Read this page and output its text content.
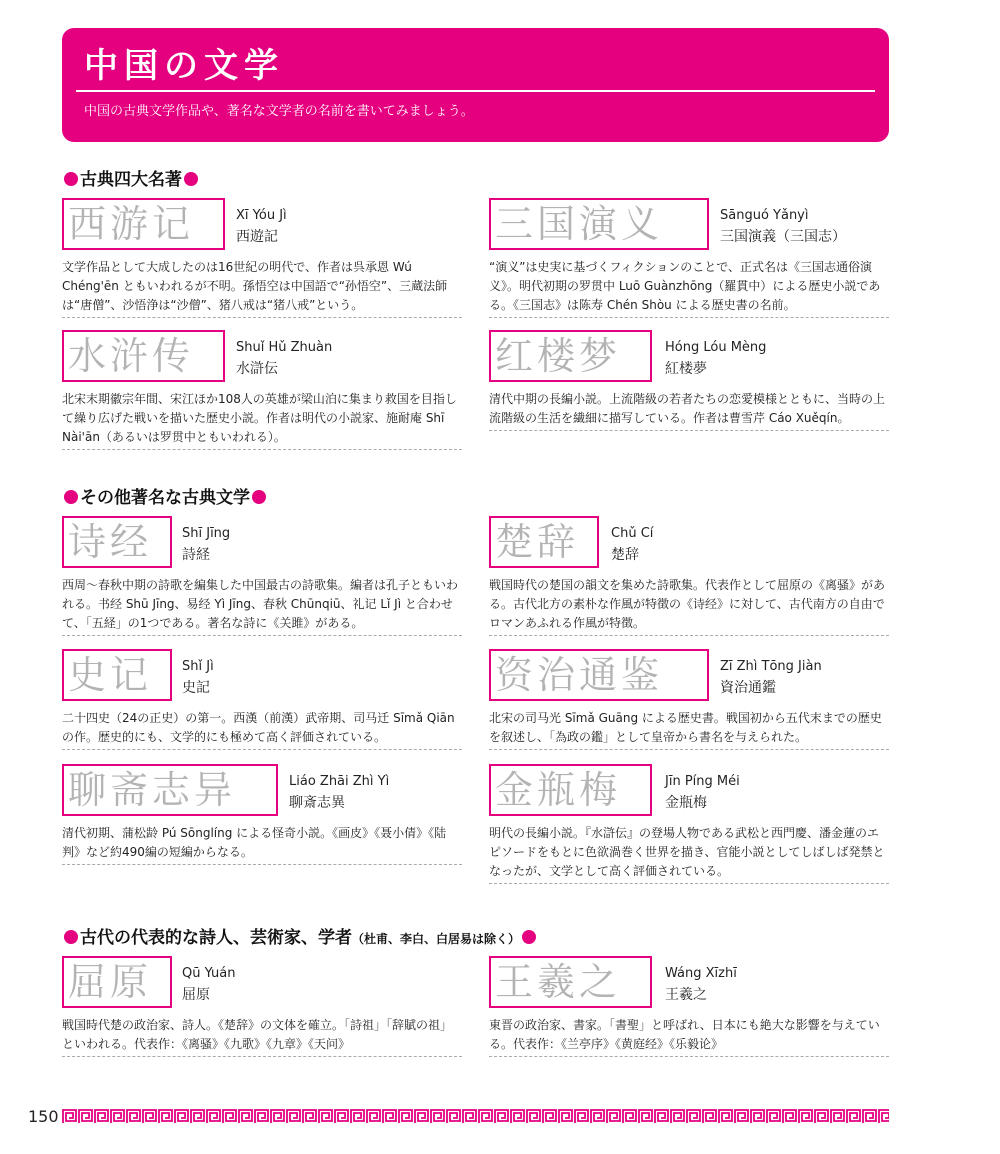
中国の文学
中国の古典文学作品や、著名な文学者の名前を書いてみましょう。
古典四大名著
西游记	Xī Yóu Jì
西遊記
文学作品として大成したのは16世紀の明代で、作者は呉承恩 Wú Chéng'ēn ともいわれるが不明。孫悟空は中国語で“孙悟空”、三蔵法師は“唐僧”、沙悟浄は“沙僧”、猪八戒は“猪八戒”という。
三国演义	Sānguó Yǎnyì
三国演義（三国志）
“演义”は史実に基づくフィクションのことで、正式名は《三国志通俗演义》。明代初期の罗贯中 Luō Guànzhōng（羅貫中）による歴史小説である。《三国志》は陈寿 Chén Shòu による歴史書の名前。
水浒传	Shuǐ Hǔ Zhuàn
水滸伝
北宋末期徽宗年間、宋江ほか108人の英雄が梁山泊に集まり救国を目指して繰り広げた戦いを描いた歴史小説。作者は明代の小説家、施耐庵 Shī Nài'ān（あるいは罗贯中ともいわれる）。
红楼梦	Hóng Lóu Mèng
紅楼夢
清代中期の長編小説。上流階級の若者たちの恋愛模様とともに、当時の上流階級の生活を繊細に描写している。作者は曹雪芹 Cáo Xuěqín。
その他著名な古典文学
诗经	Shī Jīng
詩経
西周〜春秋中期の詩歌を編集した中国最古の詩歌集。編者は孔子ともいわれる。书经 Shū Jīng、易经 Yì Jīng、春秋 Chūnqiū、礼记 Lǐ Jì と合わせて、「五経」の1つである。著名な詩に《关雎》がある。
楚辞	Chǔ Cí
楚辞
戦国時代の楚国の韻文を集めた詩歌集。代表作として屈原の《离骚》がある。古代北方の素朴な作風が特徴の《诗经》に対して、古代南方の自由でロマンあふれる作風が特徴。
史记	Shǐ Jì
史記
二十四史（24の正史）の第一。西漢（前漢）武帝期、司马迁 Sīmǎ Qiān の作。歴史的にも、文学的にも極めて高く評価されている。
资治通鉴	Zī Zhì Tōng Jiàn
資治通鑑
北宋の司马光 Sīmǎ Guāng による歴史書。戦国初から五代末までの歴史を叙述し、「為政の鑑」として皇帝から書名を与えられた。
聊斋志异	Liáo Zhāi Zhì Yì
聊斎志異
清代初期、蒲松龄 Pú Sōnglíng による怪奇小説。《画皮》《聂小倩》《陆判》など約490編の短編からなる。
金瓶梅	Jīn Píng Méi
金瓶梅
明代の長編小説。『水滸伝』の登場人物である武松と西門慶、潘金蓮のエピソードをもとに色欲渦巻く世界を描き、官能小説としてしばしば発禁となったが、文学として高く評価されている。
古代の代表的な詩人、芸術家、学者（杜甫、李白、白居易は除く）
屈原	Qū Yuán
屈原
戦国時代楚の政治家、詩人。《楚辞》の文体を確立。「詩祖」「辞賦の祖」といわれる。代表作：《离骚》《九歌》《九章》《天问》
王羲之	Wáng Xīzhī
王羲之
東晋の政治家、書家。「書聖」と呼ばれ、日本にも絶大な影響を与えている。代表作：《兰亭序》《黄庭经》《乐毅论》
150
